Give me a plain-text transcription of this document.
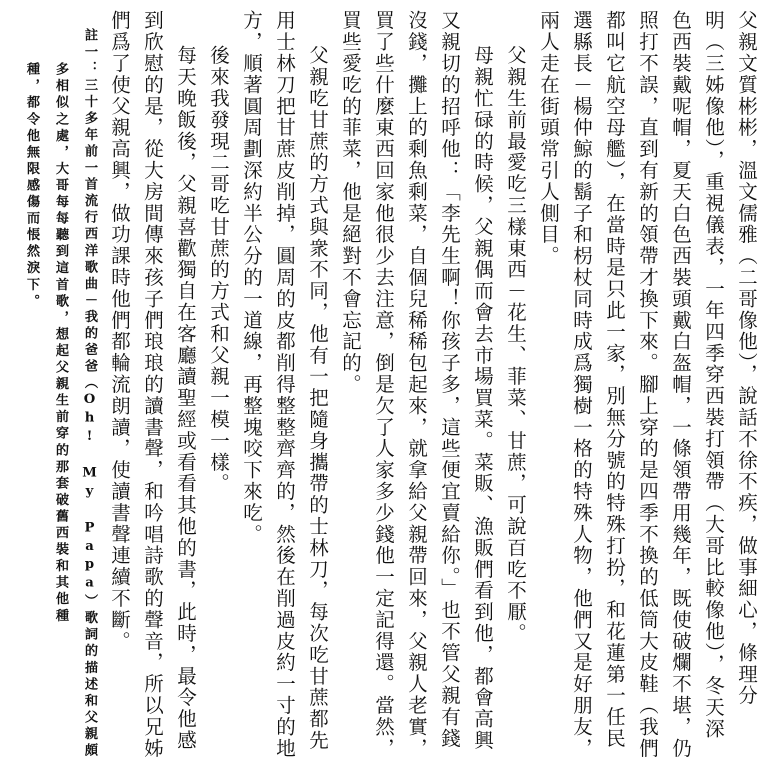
父親文質彬彬，溫文儒雅（二哥像他），說話不徐不疾，做事細心，條理分

明（三姊像他），重視儀表，一年四季穿西裝打領帶（大哥比較像他），冬天深

色西裝戴呢帽，夏天白色西裝頭戴白盔帽，一條領帶用幾年，既使破爛不堪，仍

照打不誤，直到有新的領帶才換下來。腳上穿的是四季不換的低筒大皮鞋（我們

都叫它航空母艦），在當時是只此一家，別無分號的特殊打扮，和花蓮第一任民

選縣長－楊仲鯨的鬍子和枴杖同時成爲獨樹一格的特殊人物，他們又是好朋友，

兩人走在街頭常引人側目。

父親生前最愛吃三樣東西－花生、菲菜、甘蔗，可說百吃不厭。

母親忙碌的時候，父親偶而會去市場買菜。菜販、漁販們看到他，都會高興

又親切的招呼他：「李先生啊！你孩子多，這些便宜賣給你。」也不管父親有錢

沒錢，攤上的剩魚剩菜，自個兒稀稀包起來，就拿給父親帶回來，父親人老實，

買了些什麼東西回家他很少去注意，倒是欠了人家多少錢他一定記得還。當然，

買些愛吃的菲菜，他是絕對不會忘記的。

父親吃甘蔗的方式與衆不同，他有一把隨身攜帶的士林刀，每次吃甘蔗都先

用士林刀把甘蔗皮削掉，圓周的皮都削得整整齊齊的，然後在削過皮約一寸的地

方，順著圓周劃深約半公分的一道線，再整塊咬下來吃。

後來我發現二哥吃甘蔗的方式和父親一模一樣。

每天晚飯後，父親喜歡獨自在客廳讀聖經或看看其他的書，此時，最令他感

到欣慰的是，從大房間傳來孩子們琅琅的讀書聲，和吟唱詩歌的聲音，所以兄姊

們爲了使父親高興，做功課時他們都輪流朗讀，使讀書聲連續不斷。

註一：三十多年前一首流行西洋歌曲－我的爸爸（Oh! My Papa）歌詞的描述和父親頗

多相似之處，大哥每每聽到這首歌，想起父親生前穿的那套破舊西裝和其他種

種，都令他無限感傷而悵然淚下。
